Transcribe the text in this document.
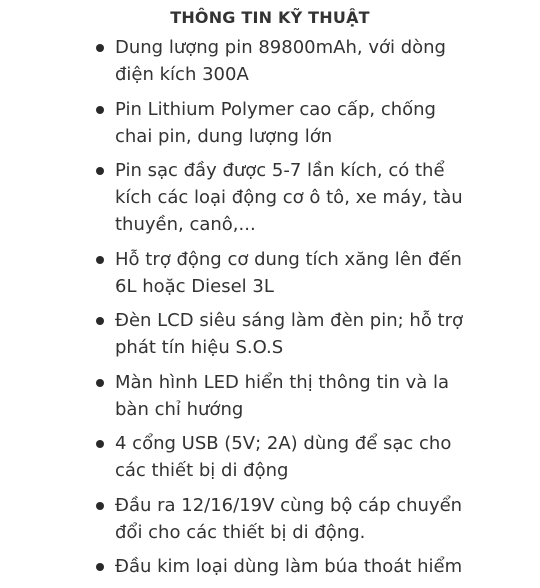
THÔNG TIN KỸ THUẬT
Dung lượng pin 89800mAh, với dòng điện kích 300A
Pin Lithium Polymer cao cấp, chống chai pin, dung lượng lớn
Pin sạc đầy được 5-7 lần kích, có thể kích các loại động cơ ô tô, xe máy, tàu thuyền, canô,...
Hỗ trợ động cơ dung tích xăng lên đến 6L hoặc Diesel 3L
Đèn LCD siêu sáng làm đèn pin; hỗ trợ phát tín hiệu S.O.S
Màn hình LED hiển thị thông tin và la bàn chỉ hướng
4 cổng USB (5V; 2A) dùng để sạc cho các thiết bị di động
Đầu ra 12/16/19V cùng bộ cáp chuyển đổi cho các thiết bị di động.
Đầu kim loại dùng làm búa thoát hiểm
